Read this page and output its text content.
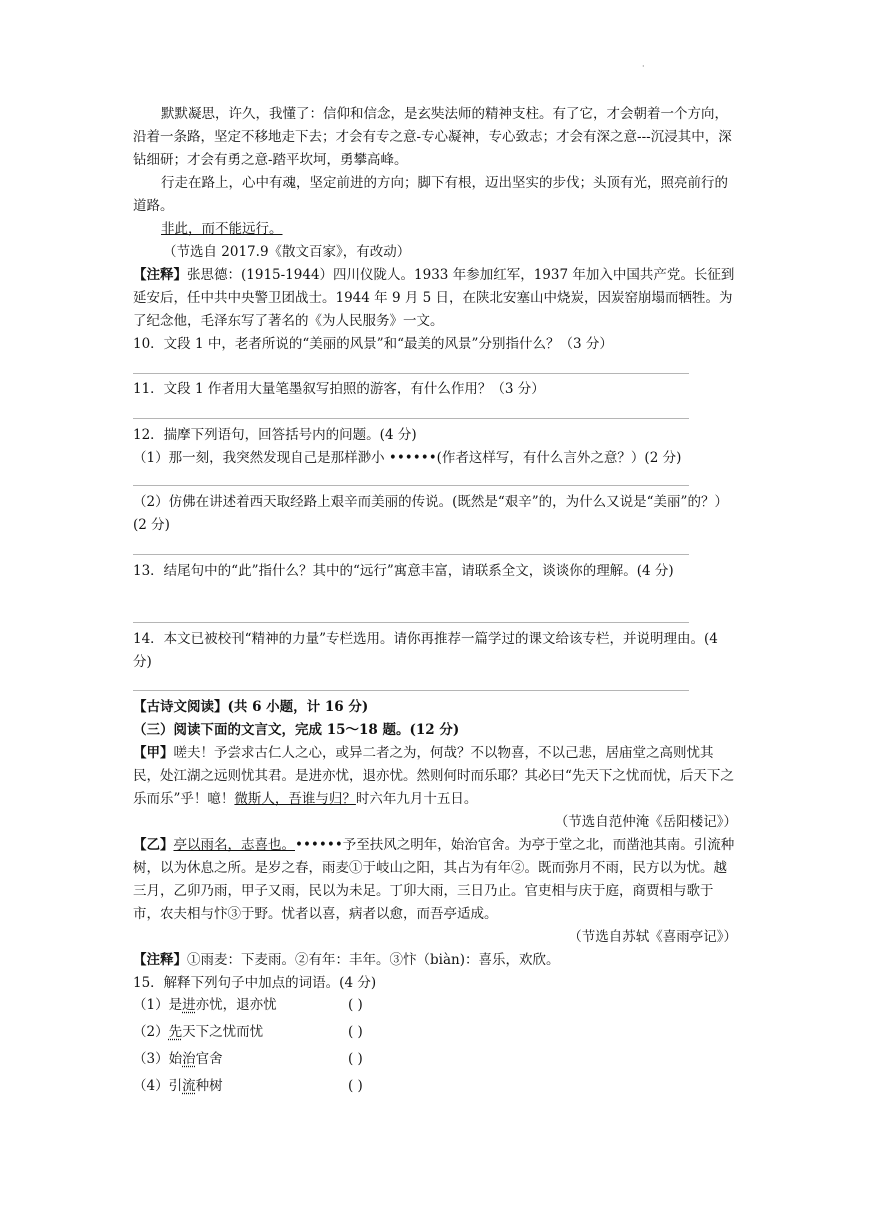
·

默默凝思，许久，我懂了：信仰和信念，是玄奘法师的精神支柱。有了它，才会朝着一个方向，沿着一条路，坚定不移地走下去；才会有专之意-专心凝神，专心致志；才会有深之意---沉浸其中，深钻细研；才会有勇之意-踏平坎坷，勇攀高峰。

行走在路上，心中有魂，坚定前进的方向；脚下有根，迈出坚实的步伐；头顶有光，照亮前行的道路。

非此，而不能远行。

（节选自 2017.9《散文百家》，有改动）

【注释】张思德：(1915-1944）四川仪陇人。1933 年参加红军，1937 年加入中国共产党。长征到延安后，任中共中央警卫团战士。1944 年 9 月 5 日，在陕北安塞山中烧炭，因炭窑崩塌而牺牲。为了纪念他，毛泽东写了著名的《为人民服务》一文。

10．文段 1 中，老者所说的“美丽的风景”和“最美的风景”分别指什么？（3 分）

11．文段 1 作者用大量笔墨叙写拍照的游客，有什么作用？（3 分）
12．揣摩下列语句，回答括号内的问题。(4 分)
（1）那一刻，我突然发现自己是那样渺小 ••••••(作者这样写，有什么言外之意？）(2 分)
（2）仿佛在讲述着西天取经路上艰辛而美丽的传说。(既然是“艰辛”的，为什么又说是“美丽”的？）(2 分)
13．结尾句中的“此”指什么？其中的“远行”寓意丰富，请联系全文，谈谈你的理解。(4 分)
14．本文已被校刊“精神的力量”专栏选用。请你再推荐一篇学过的课文给该专栏，并说明理由。(4 分)

【古诗文阅读】(共 6 小题，计 16 分)

（三）阅读下面的文言文，完成 15～18 题。(12 分)

【甲】嗟夫！予尝求古仁人之心，或异二者之为，何哉？不以物喜，不以己悲，居庙堂之高则忧其民，处江湖之远则忧其君。是进亦忧，退亦忧。然则何时而乐耶？其必曰“先天下之忧而忧，后天下之乐而乐”乎！噫！微斯人，吾谁与归？时六年九月十五日。

（节选自范仲淹《岳阳楼记》）

【乙】亭以雨名，志喜也。••••••予至扶风之明年，始治官舍。为亭于堂之北，而凿池其南。引流种树，以为休息之所。是岁之春，雨麦①于岐山之阳，其占为有年②。既而弥月不雨，民方以为忧。越三月，乙卯乃雨，甲子又雨，民以为未足。丁卯大雨，三日乃止。官吏相与庆于庭，商贾相与歌于市，农夫相与忭③于野。忧者以喜，病者以愈，而吾亭适成。

（节选自苏轼《喜雨亭记》）

【注释】①雨麦：下麦雨。②有年：丰年。③忭（biàn)：喜乐，欢欣。

15．解释下列句子中加点的词语。(4 分)

（1）是进亦忧，退亦忧	( )
（2）先天下之忧而忧	( )
（3）始治官舍	( )
（4）引流种树	( )
